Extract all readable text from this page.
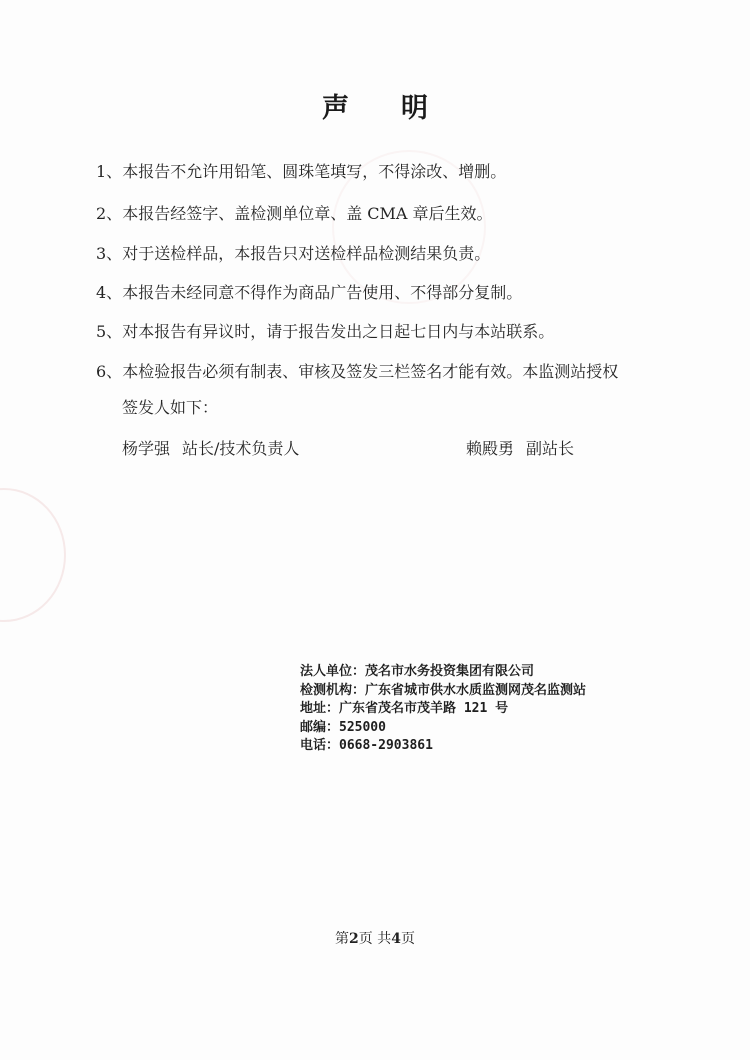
声明
1、本报告不允许用铅笔、圆珠笔填写，不得涂改、增删。
2、本报告经签字、盖检测单位章、盖 CMA 章后生效。
3、对于送检样品，本报告只对送检样品检测结果负责。
4、本报告未经同意不得作为商品广告使用、不得部分复制。
5、对本报告有异议时，请于报告发出之日起七日内与本站联系。
6、本检验报告必须有制表、审核及签发三栏签名才能有效。本监测站授权
签发人如下：
杨学强 站长/技术负责人	赖殿勇 副站长
法人单位：茂名市水务投资集团有限公司
检测机构：广东省城市供水水质监测网茂名监测站
地址：广东省茂名市茂羊路 121 号
邮编：525000
电话：0668-2903861
第2页 共4页
